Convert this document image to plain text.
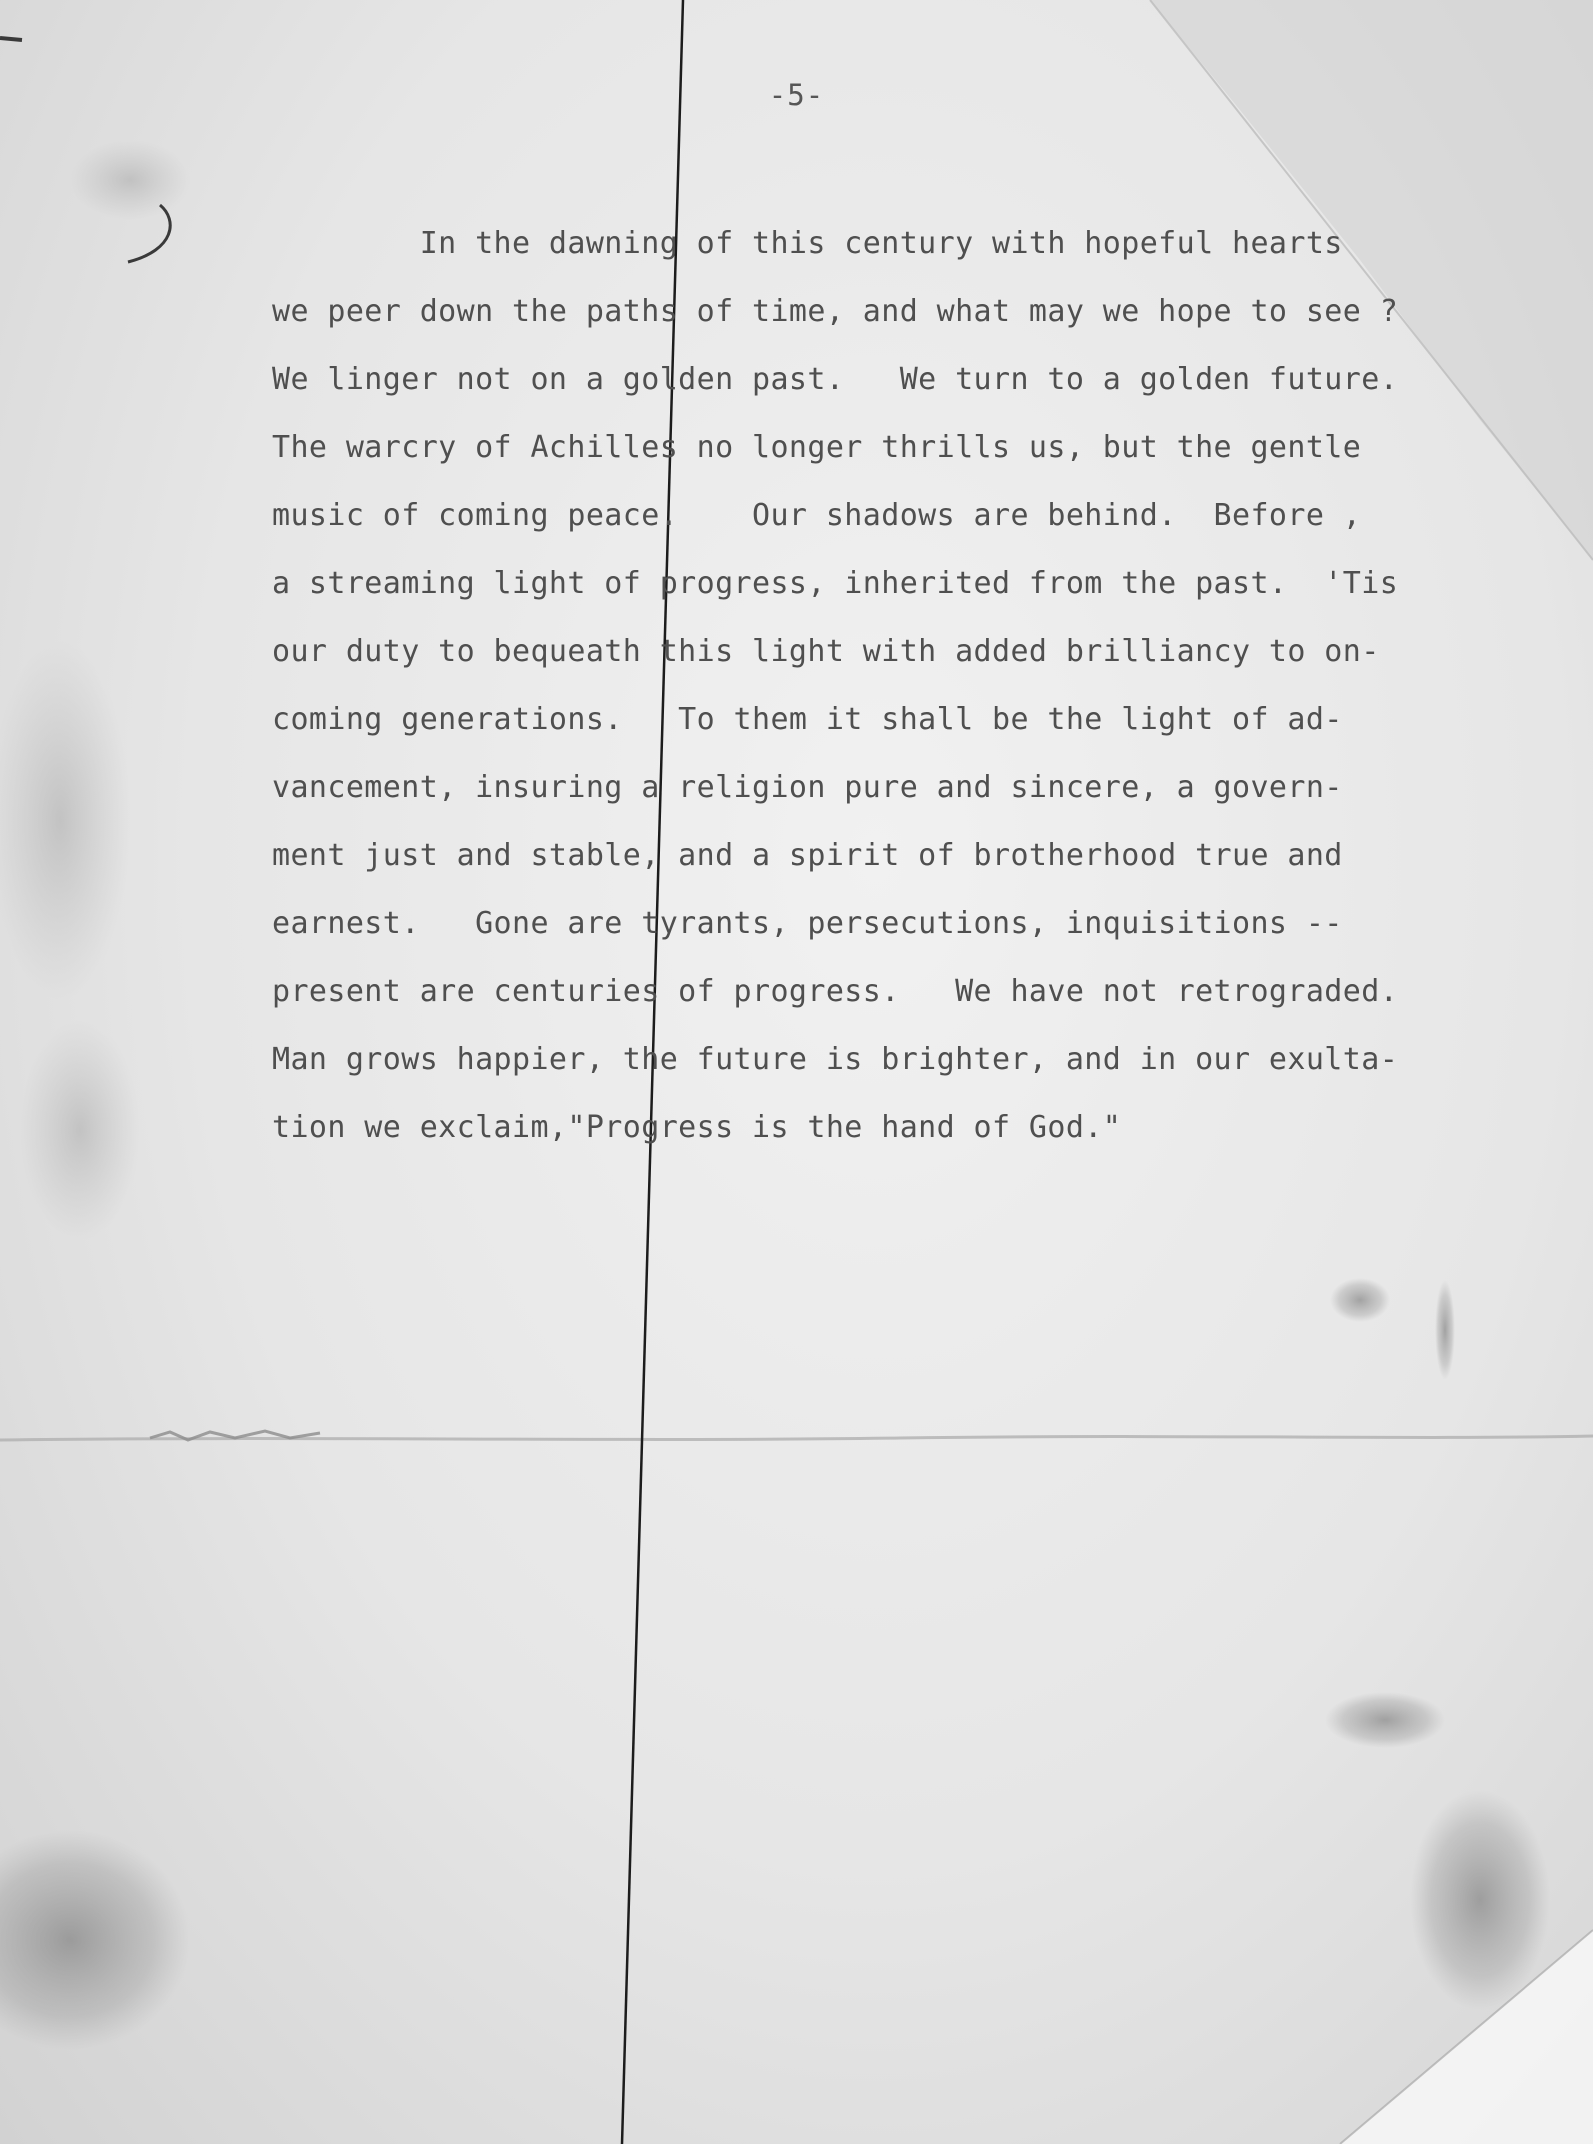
-5-
In the dawning of this century with hopeful hearts
we peer down the paths of time, and what may we hope to see ?
We linger not on a golden past.   We turn to a golden future.
The warcry of Achilles no longer thrills us, but the gentle
music of coming peace.    Our shadows are behind.  Before ,
a streaming light of progress, inherited from the past.  'Tis
our duty to bequeath this light with added brilliancy to on-
coming generations.   To them it shall be the light of ad-
vancement, insuring a religion pure and sincere, a govern-
ment just and stable, and a spirit of brotherhood true and
earnest.   Gone are tyrants, persecutions, inquisitions --
present are centuries of progress.   We have not retrograded.
Man grows happier, the future is brighter, and in our exulta-
tion we exclaim,"Progress is the hand of God."
